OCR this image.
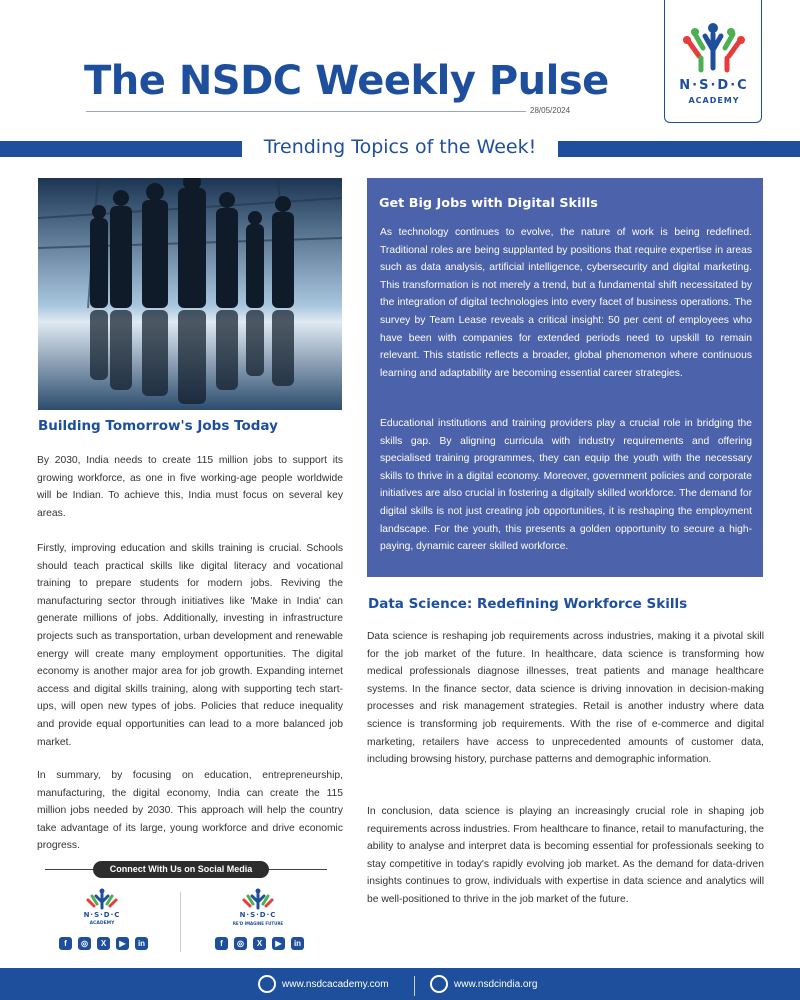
The NSDC Weekly Pulse
28/05/2024
N·S·D·C
ACADEMY
Trending Topics of the Week!
Building Tomorrow's Jobs Today

By 2030, India needs to create 115 million jobs to support its growing workforce, as one in five working-age people worldwide will be Indian. To achieve this, India must focus on several key areas.

Firstly, improving education and skills training is crucial. Schools should teach practical skills like digital literacy and vocational training to prepare students for modern jobs. Reviving the manufacturing sector through initiatives like 'Make in India' can generate millions of jobs. Additionally, investing in infrastructure projects such as transportation, urban development and renewable energy will create many employment opportunities. The digital economy is another major area for job growth. Expanding internet access and digital skills training, along with supporting tech start-ups, will open new types of jobs. Policies that reduce inequality and provide equal opportunities can lead to a more balanced job market.

In summary, by focusing on education, entrepreneurship, manufacturing, the digital economy, India can create the 115 million jobs needed by 2030. This approach will help the country take advantage of its large, young workforce and drive economic progress.

Connect With Us on Social Media
N·S·D·C
ACADEMY
N·S·D·C
RE'D IMAGINE FUTURE
f	◎	X	▶	in	f	◎	X	▶	in
Get Big Jobs with Digital Skills

As technology continues to evolve, the nature of work is being redefined. Traditional roles are being supplanted by positions that require expertise in areas such as data analysis, artificial intelligence, cybersecurity and digital marketing. This transformation is not merely a trend, but a fundamental shift necessitated by the integration of digital technologies into every facet of business operations. The survey by Team Lease reveals a critical insight: 50 per cent of employees who have been with companies for extended periods need to upskill to remain relevant. This statistic reflects a broader, global phenomenon where continuous learning and adaptability are becoming essential career strategies.

Educational institutions and training providers play a crucial role in bridging the skills gap. By aligning curricula with industry requirements and offering specialised training programmes, they can equip the youth with the necessary skills to thrive in a digital economy. Moreover, government policies and corporate initiatives are also crucial in fostering a digitally skilled workforce. The demand for digital skills is not just creating job opportunities, it is reshaping the employment landscape. For the youth, this presents a golden opportunity to secure a high-paying, dynamic career skilled workforce.

Data Science: Redefining Workforce Skills

Data science is reshaping job requirements across industries, making it a pivotal skill for the job market of the future. In healthcare, data science is transforming how medical professionals diagnose illnesses, treat patients and manage healthcare systems. In the finance sector, data science is driving innovation in decision-making processes and risk management strategies. Retail is another industry where data science is transforming job requirements. With the rise of e-commerce and digital marketing, retailers have access to unprecedented amounts of customer data, including browsing history, purchase patterns and demographic information.

In conclusion, data science is playing an increasingly crucial role in shaping job requirements across industries. From healthcare to finance, retail to manufacturing, the ability to analyse and interpret data is becoming essential for professionals seeking to stay competitive in today's rapidly evolving job market. As the demand for data-driven insights continues to grow, individuals with expertise in data science and analytics will be well-positioned to thrive in the job market of the future.

www.nsdcacademy.com	www.nsdcindia.org
